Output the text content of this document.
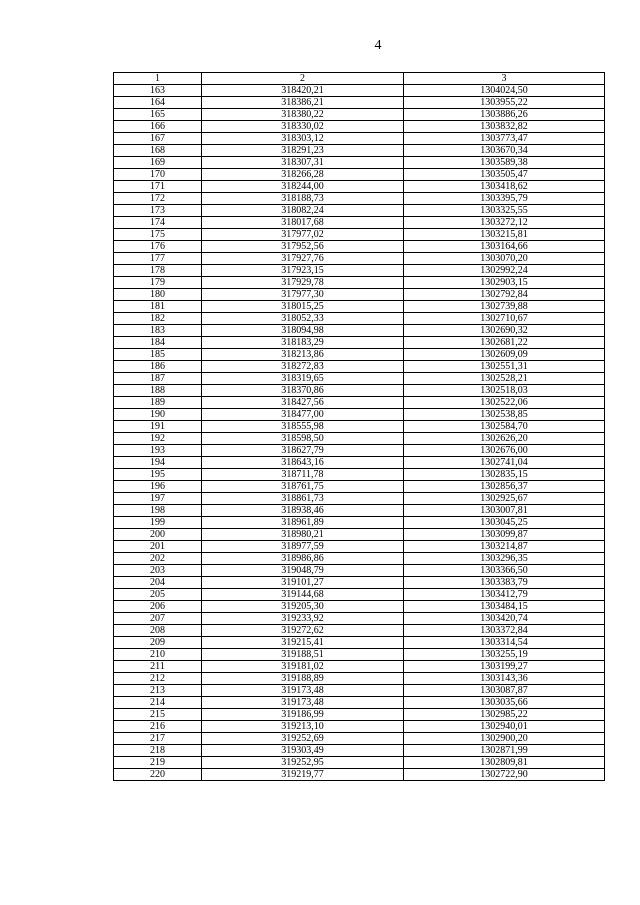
4
1	2	3
163	318420,21	1304024,50
164	318386,21	1303955,22
165	318380,22	1303886,26
166	318330,02	1303832,82
167	318303,12	1303773,47
168	318291,23	1303670,34
169	318307,31	1303589,38
170	318266,28	1303505,47
171	318244,00	1303418,62
172	318188,73	1303395,79
173	318082,24	1303325,55
174	318017,68	1303272,12
175	317977,02	1303215,81
176	317952,56	1303164,66
177	317927,76	1303070,20
178	317923,15	1302992,24
179	317929,78	1302903,15
180	317977,30	1302792,84
181	318015,25	1302739,88
182	318052,33	1302710,67
183	318094,98	1302690,32
184	318183,29	1302681,22
185	318213,86	1302609,09
186	318272,83	1302551,31
187	318319,65	1302528,21
188	318370,86	1302518,03
189	318427,56	1302522,06
190	318477,00	1302538,85
191	318555,98	1302584,70
192	318598,50	1302626,20
193	318627,79	1302676,00
194	318643,16	1302741,04
195	318711,78	1302835,15
196	318761,75	1302856,37
197	318861,73	1302925,67
198	318938,46	1303007,81
199	318961,89	1303045,25
200	318980,21	1303099,87
201	318977,59	1303214,87
202	318986,86	1303296,35
203	319048,79	1303366,50
204	319101,27	1303383,79
205	319144,68	1303412,79
206	319205,30	1303484,15
207	319233,92	1303420,74
208	319272,62	1303372,84
209	319215,41	1303314,54
210	319188,51	1303255,19
211	319181,02	1303199,27
212	319188,89	1303143,36
213	319173,48	1303087,87
214	319173,48	1303035,66
215	319186,99	1302985,22
216	319213,10	1302940,01
217	319252,69	1302900,20
218	319303,49	1302871,99
219	319252,95	1302809,81
220	319219,77	1302722,90
